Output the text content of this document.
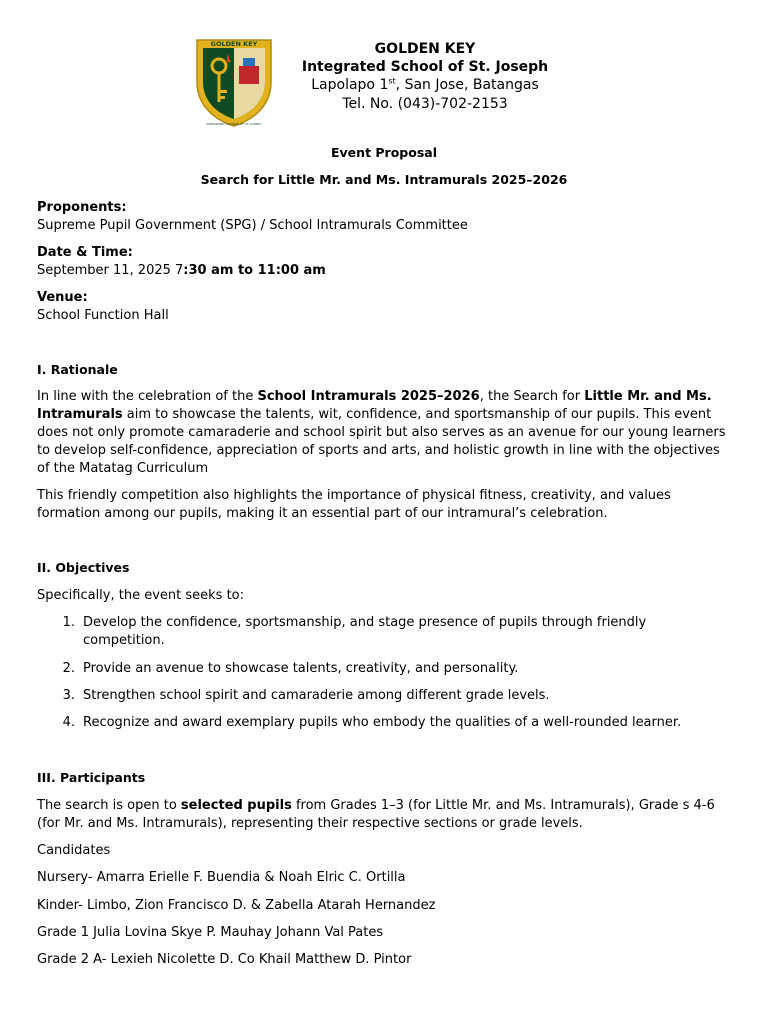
GOLDEN KEY
INTEGRATED SCHOOL OF ST. JOSEPH
GOLDEN KEY
Integrated School of St. Joseph
Lapolapo 1st, San Jose, Batangas
Tel. No. (043)-702-2153
Event Proposal
Search for Little Mr. and Ms. Intramurals 2025–2026
Proponents:
Supreme Pupil Government (SPG) / School Intramurals Committee
Date & Time:
September 11, 2025 7:30 am to 11:00 am
Venue:
School Function Hall
I. Rationale
In line with the celebration of the School Intramurals 2025–2026, the Search for Little Mr. and Ms. Intramurals aim to showcase the talents, wit, confidence, and sportsmanship of our pupils. This event does not only promote camaraderie and school spirit but also serves as an avenue for our young learners to develop self-confidence, appreciation of sports and arts, and holistic growth in line with the objectives of the Matatag Curriculum
This friendly competition also highlights the importance of physical fitness, creativity, and values formation among our pupils, making it an essential part of our intramural’s celebration.
II. Objectives
Specifically, the event seeks to:
1. Develop the confidence, sportsmanship, and stage presence of pupils through friendly competition.
2. Provide an avenue to showcase talents, creativity, and personality.
3. Strengthen school spirit and camaraderie among different grade levels.
4. Recognize and award exemplary pupils who embody the qualities of a well-rounded learner.
III. Participants
The search is open to selected pupils from Grades 1–3 (for Little Mr. and Ms. Intramurals), Grade s 4-6 (for Mr. and Ms. Intramurals), representing their respective sections or grade levels.
Candidates
Nursery- Amarra Erielle F. Buendia & Noah Elric C. Ortilla
Kinder- Limbo, Zion Francisco D. & Zabella Atarah Hernandez
Grade 1 Julia Lovina Skye P. Mauhay Johann Val Pates
Grade 2 A- Lexieh Nicolette D. Co Khail Matthew D. Pintor
